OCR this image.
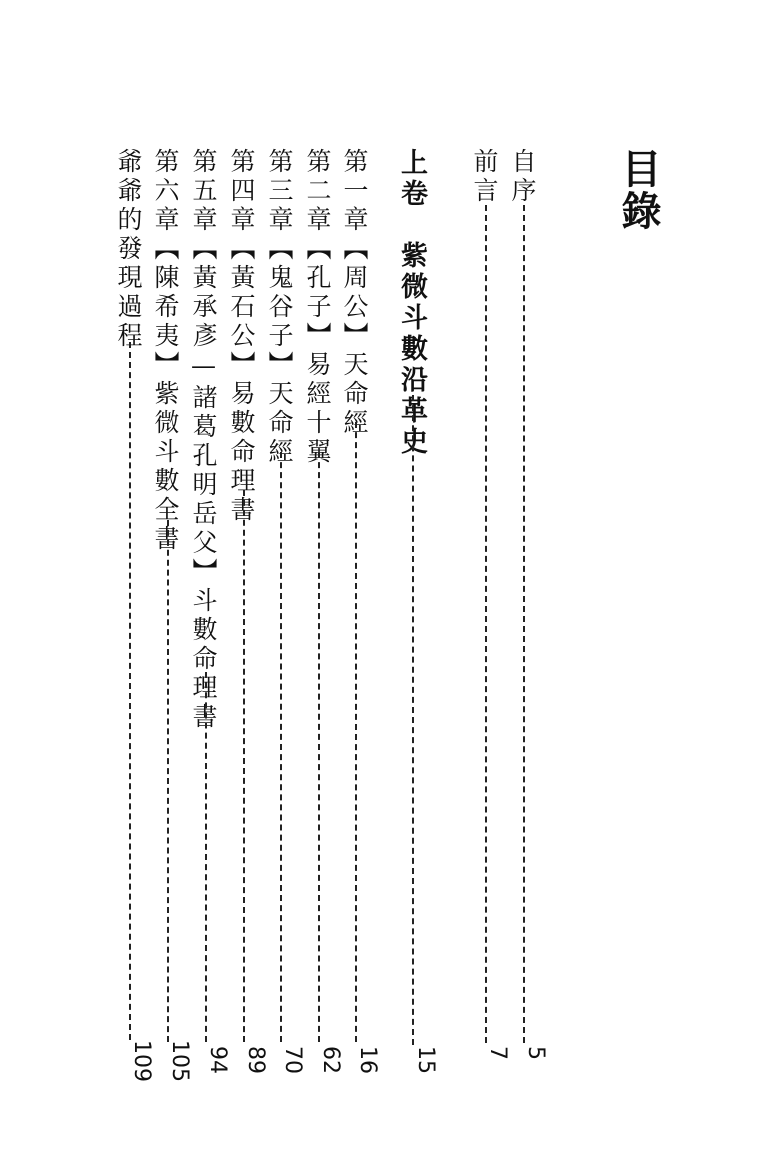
目錄
自序
5
前言
7
上卷　紫微斗數沿革史
15
第一章【周公】天命經
16
第二章【孔子】易經十翼
62
第三章【鬼谷子】天命經
70
第四章【黃石公】易數命理書
89
第五章【黃承彥—諸葛孔明岳父】斗數命理書
94
第六章【陳希夷】紫微斗數全書
105
爺爺的發現過程
109
